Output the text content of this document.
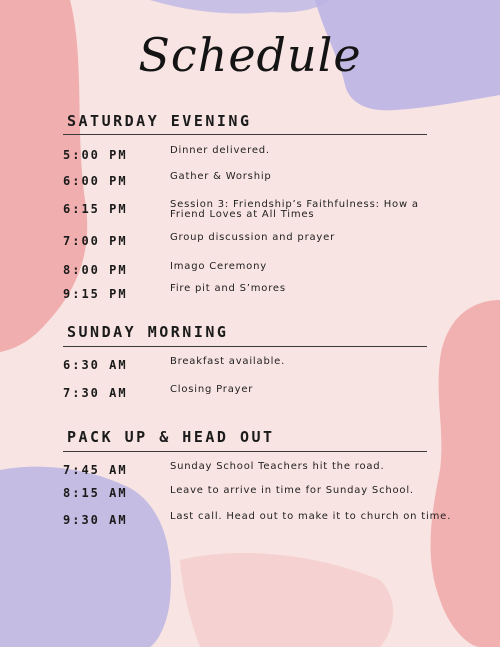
Schedule
SATURDAY EVENING
5:00 PM	Dinner delivered.
6:00 PM	Gather & Worship
6:15 PM	Session 3: Friendship’s Faithfulness: How a Friend Loves at All Times
7:00 PM	Group discussion and prayer
8:00 PM	Imago Ceremony
9:15 PM	Fire pit and S’mores
SUNDAY MORNING
6:30 AM	Breakfast available.
7:30 AM	Closing Prayer
PACK UP & HEAD OUT
7:45 AM	Sunday School Teachers hit the road.
8:15 AM	Leave to arrive in time for Sunday School.
9:30 AM	Last call. Head out to make it to church on time.
